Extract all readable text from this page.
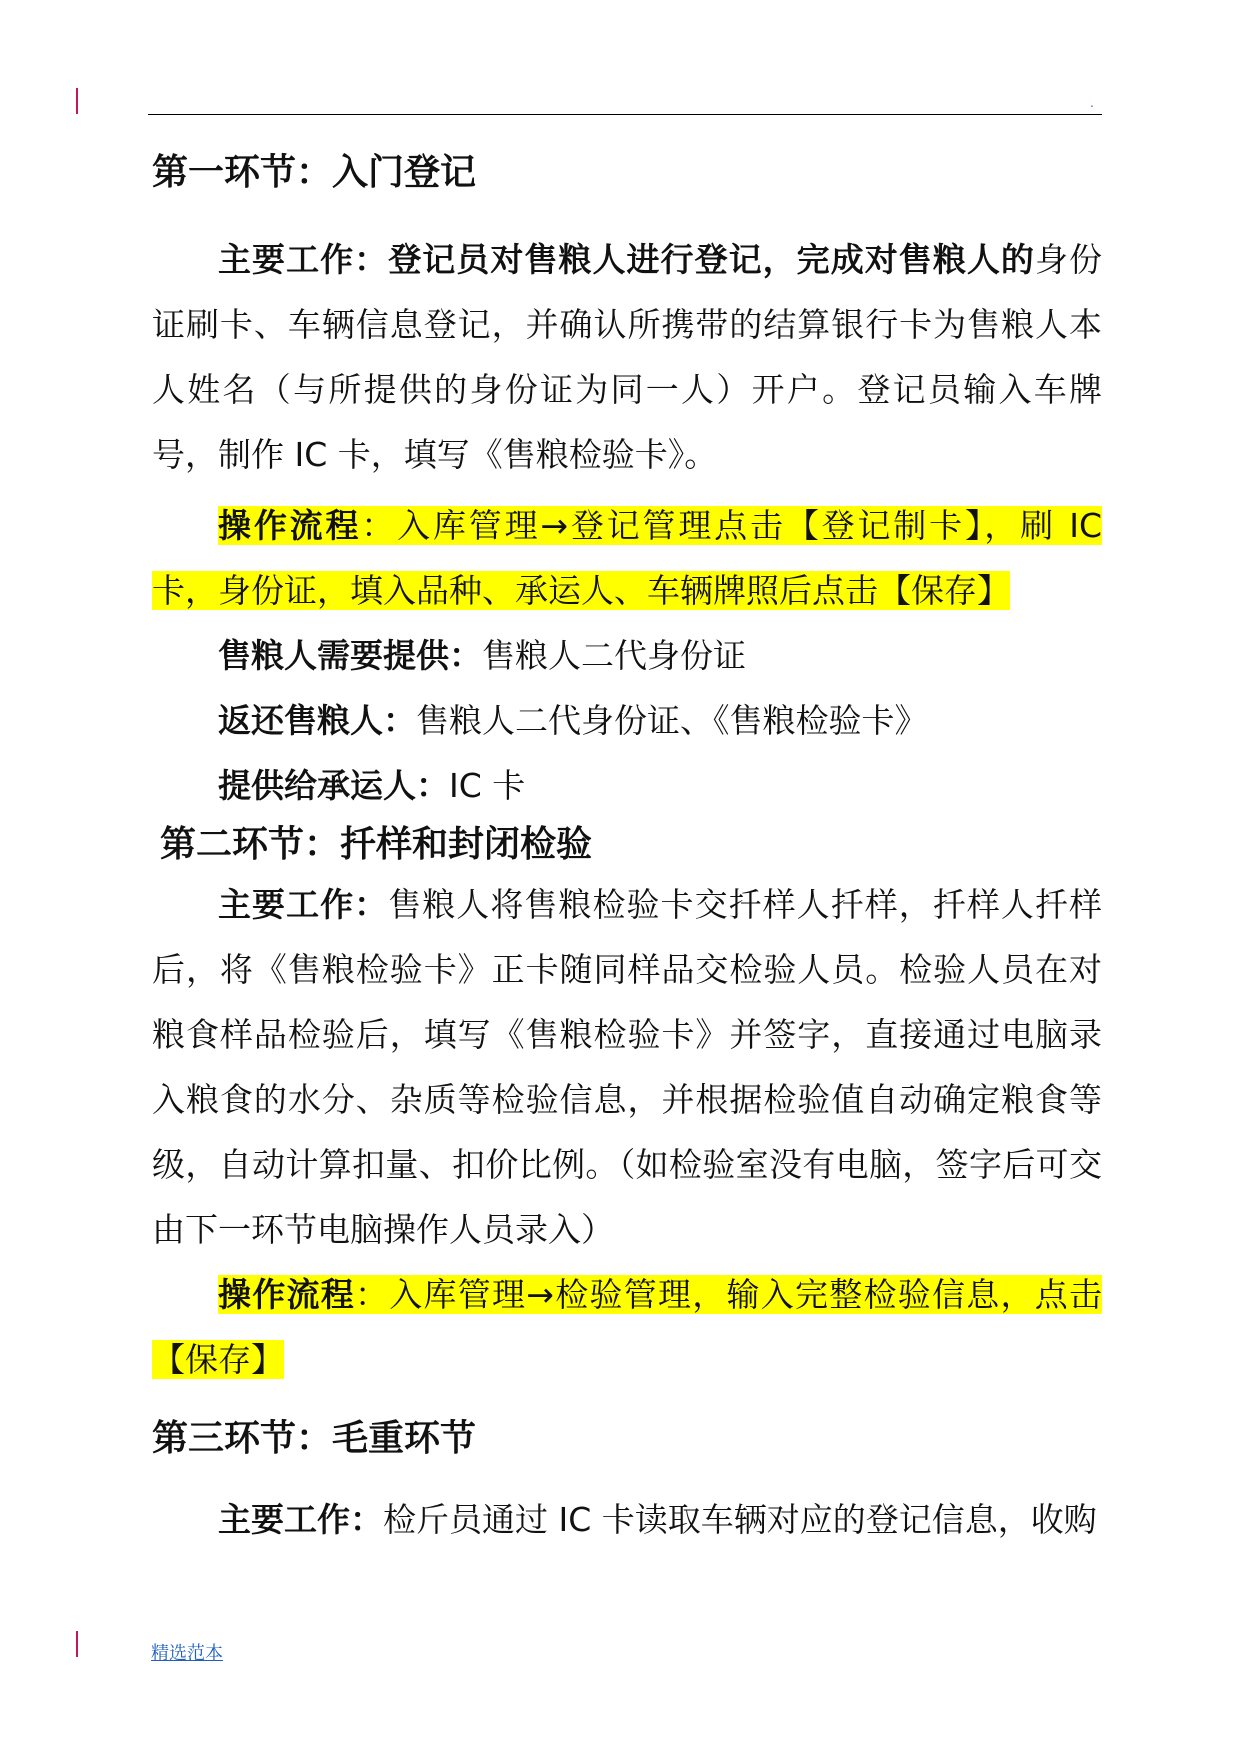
.
第一环节：入门登记
主要工作：登记员对售粮人进行登记，完成对售粮人的身份证刷卡、车辆信息登记，并确认所携带的结算银行卡为售粮人本人姓名（与所提供的身份证为同一人）开户。登记员输入车牌号，制作 IC 卡，填写《售粮检验卡》。
操作流程：入库管理→登记管理点击【登记制卡】，刷 IC 卡，身份证，填入品种、承运人、车辆牌照后点击【保存】
售粮人需要提供：售粮人二代身份证
返还售粮人：售粮人二代身份证、《售粮检验卡》
提供给承运人：IC 卡
第二环节：扦样和封闭检验
主要工作：售粮人将售粮检验卡交扦样人扦样，扦样人扦样后，将《售粮检验卡》正卡随同样品交检验人员。检验人员在对粮食样品检验后，填写《售粮检验卡》并签字，直接通过电脑录入粮食的水分、杂质等检验信息，并根据检验值自动确定粮食等级，自动计算扣量、扣价比例。（如检验室没有电脑，签字后可交由下一环节电脑操作人员录入）
操作流程：入库管理→检验管理，输入完整检验信息，点击【保存】
第三环节：毛重环节
主要工作：检斤员通过 IC 卡读取车辆对应的登记信息，收购
精选范本
